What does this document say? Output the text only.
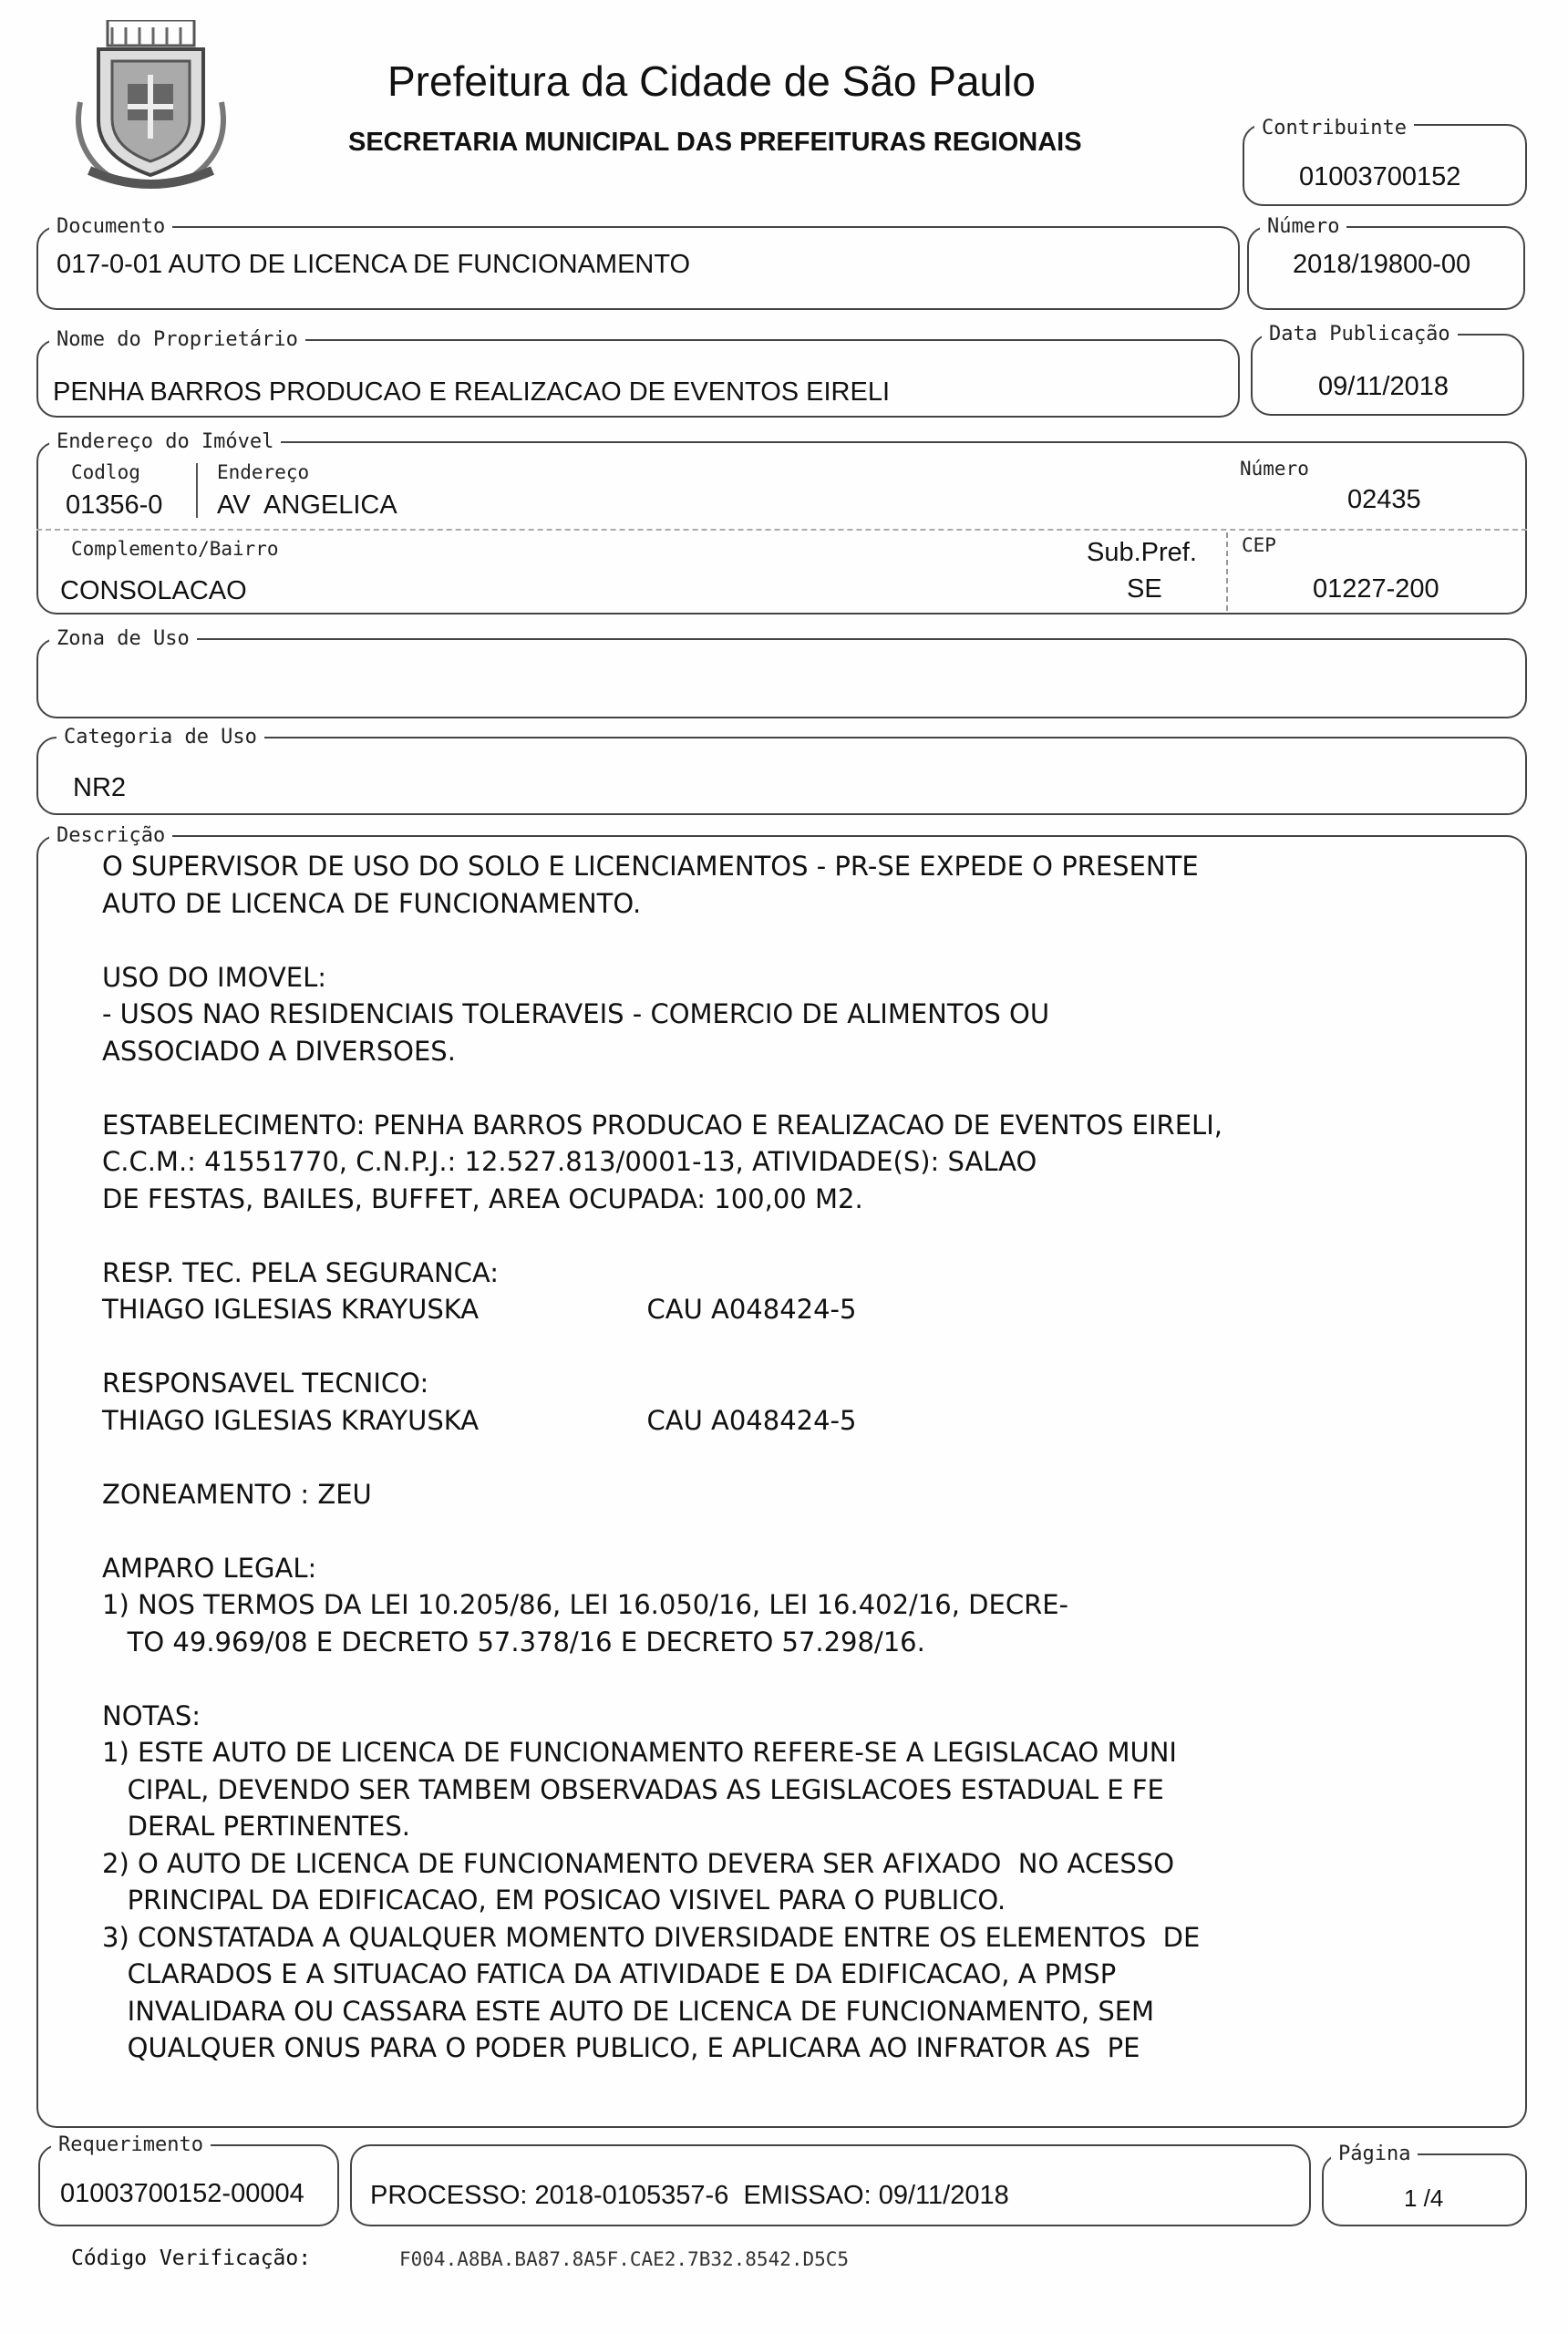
Prefeitura da Cidade de São Paulo
SECRETARIA MUNICIPAL DAS PREFEITURAS REGIONAIS	Contribuinte
01003700152
Documento
017-0-01 AUTO DE LICENCA DE FUNCIONAMENTO
Número
2018/19800-00
Nome do Proprietário
PENHA BARROS PRODUCAO E REALIZACAO DE EVENTOS EIRELI
Data Publicação
09/11/2018
Endereço do Imóvel
Codlog
01356-0
Endereço
AV  ANGELICA
Número
02435
Complemento/Bairro
CONSOLACAO
Sub.Pref.
SE
CEP
01227-200
Zona de Uso
Categoria de Uso
NR2
Descrição
O SUPERVISOR DE USO DO SOLO E LICENCIAMENTOS - PR-SE EXPEDE O PRESENTE
AUTO DE LICENCA DE FUNCIONAMENTO.
USO DO IMOVEL:
- USOS NAO RESIDENCIAIS TOLERAVEIS - COMERCIO DE ALIMENTOS OU
ASSOCIADO A DIVERSOES.
ESTABELECIMENTO: PENHA BARROS PRODUCAO E REALIZACAO DE EVENTOS EIRELI,
C.C.M.: 41551770, C.N.P.J.: 12.527.813/0001-13, ATIVIDADE(S): SALAO
DE FESTAS, BAILES, BUFFET, AREA OCUPADA: 100,00 M2.
RESP. TEC. PELA SEGURANCA:
THIAGO IGLESIAS KRAYUSKA                    CAU A048424-5
RESPONSAVEL TECNICO:
THIAGO IGLESIAS KRAYUSKA                    CAU A048424-5
ZONEAMENTO : ZEU
AMPARO LEGAL:
1) NOS TERMOS DA LEI 10.205/86, LEI 16.050/16, LEI 16.402/16, DECRE-
TO 49.969/08 E DECRETO 57.378/16 E DECRETO 57.298/16.
NOTAS:
1) ESTE AUTO DE LICENCA DE FUNCIONAMENTO REFERE-SE A LEGISLACAO MUNI
CIPAL, DEVENDO SER TAMBEM OBSERVADAS AS LEGISLACOES ESTADUAL E FE
DERAL PERTINENTES.
2) O AUTO DE LICENCA DE FUNCIONAMENTO DEVERA SER AFIXADO  NO ACESSO
PRINCIPAL DA EDIFICACAO, EM POSICAO VISIVEL PARA O PUBLICO.
3) CONSTATADA A QUALQUER MOMENTO DIVERSIDADE ENTRE OS ELEMENTOS  DE
CLARADOS E A SITUACAO FATICA DA ATIVIDADE E DA EDIFICACAO, A PMSP
INVALIDARA OU CASSARA ESTE AUTO DE LICENCA DE FUNCIONAMENTO, SEM
QUALQUER ONUS PARA O PODER PUBLICO, E APLICARA AO INFRATOR AS  PE
Requerimento
01003700152-00004 PROCESSO: 2018-0105357-6  EMISSAO: 09/11/2018
Página
1 /4
Código Verificação:	F004.A8BA.BA87.8A5F.CAE2.7B32.8542.D5C5
